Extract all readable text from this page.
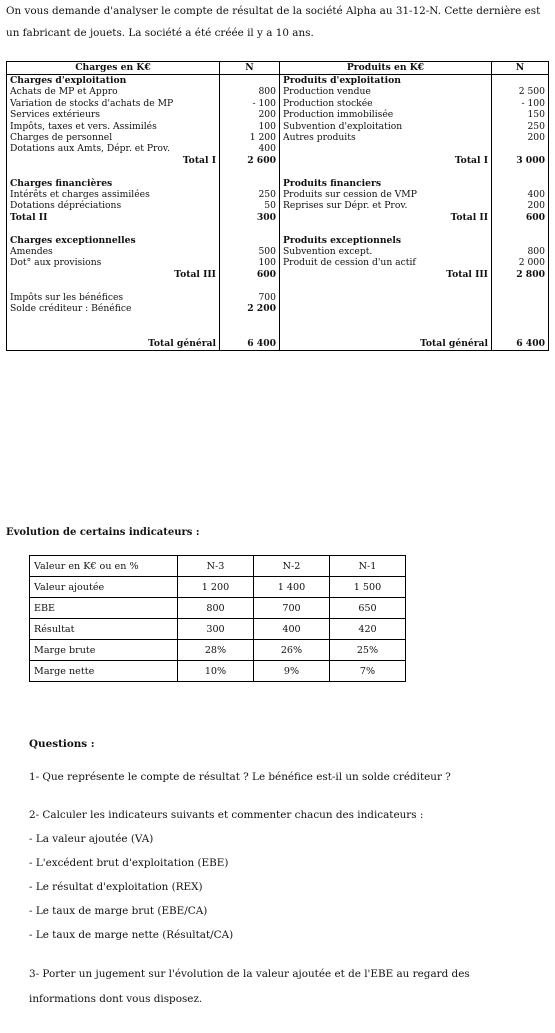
On vous demande d'analyser le compte de résultat de la société Alpha au 31-12-N. Cette dernière est un fabricant de jouets. La société a été créée il y a 10 ans.

Charges en K€	N	Produits en K€	N
Charges d'exploitation		Produits d'exploitation	
Achats de MP et Appro	800	Production vendue	2 500
Variation de stocks d'achats de MP	- 100	Production stockée	- 100
Services extérieurs	200	Production immobilisée	150
Impôts, taxes et vers. Assimilés	100	Subvention d'exploitation	250
Charges de personnel	1 200	Autres produits	200
Dotations aux Amts, Dépr. et Prov.	400		
Total I	2 600	Total I	3 000

Charges financières		Produits financiers	
Intérêts et charges assimilées	250	Produits sur cession de VMP	400
Dotations dépréciations	50	Reprises sur Dépr. et Prov.	200
Total II	300	Total II	600

Charges exceptionnelles		Produits exceptionnels	
Amendes	500	Subvention except.	800
Dot° aux provisions	100	Produit de cession d'un actif	2 000
Total III	600	Total III	2 800

Impôts sur les bénéfices	700		
Solde créditeur : Bénéfice	2 200		

Total général	6 400	Total général	6 400

Evolution de certains indicateurs :

Valeur en K€ ou en %	N-3	N-2	N-1
Valeur ajoutée	1 200	1 400	1 500
EBE	800	700	650
Résultat	300	400	420
Marge brute	28%	26%	25%
Marge nette	10%	9%	7%

Questions :

1- Que représente le compte de résultat ? Le bénéfice est-il un solde créditeur ?

2- Calculer les indicateurs suivants et commenter chacun des indicateurs :

- La valeur ajoutée (VA)

- L'excédent brut d'exploitation (EBE)

- Le résultat d'exploitation (REX)

- Le taux de marge brut (EBE/CA)

- Le taux de marge nette (Résultat/CA)

3- Porter un jugement sur l'évolution de la valeur ajoutée et de l'EBE au regard des

informations dont vous disposez.
